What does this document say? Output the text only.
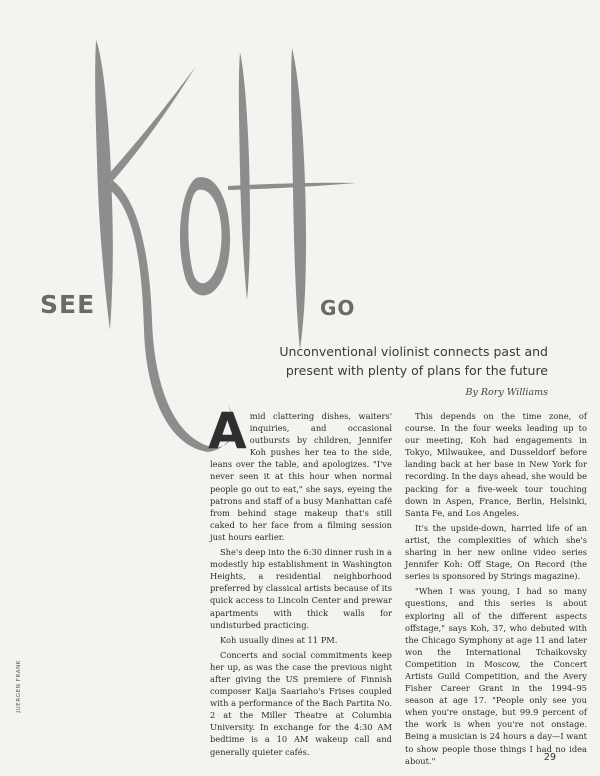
SEE	GO
Unconventional violinist connects past and present with plenty of plans for the future
By Rory Williams

Amid clattering dishes, waiters' inquiries, and occasional outbursts by children, Jennifer Koh pushes her tea to the side, leans over the table, and apologizes. "I've never seen it at this hour when normal people go out to eat," she says, eyeing the patrons and staff of a busy Manhattan café from behind stage makeup that's still caked to her face from a filming session just hours earlier.

She's deep into the 6:30 dinner rush in a modestly hip establishment in Washington Heights, a residential neighborhood preferred by classical artists because of its quick access to Lincoln Center and prewar apartments with thick walls for undisturbed practicing.

Koh usually dines at 11 PM.

Concerts and social commitments keep her up, as was the case the previous night after giving the US premiere of Finnish composer Kaija Saariaho's Frises coupled with a performance of the Bach Partita No. 2 at the Miller Theatre at Columbia University. In exchange for the 4:30 AM bedtime is a 10 AM wakeup call and generally quieter cafés.

This depends on the time zone, of course. In the four weeks leading up to our meeting, Koh had engagements in Tokyo, Milwaukee, and Dusseldorf before landing back at her base in New York for recording. In the days ahead, she would be packing for a five-week tour touching down in Aspen, France, Berlin, Helsinki, Santa Fe, and Los Angeles.

It's the upside-down, harried life of an artist, the complexities of which she's sharing in her new online video series Jennifer Koh: Off Stage, On Record (the series is sponsored by Strings magazine).

"When I was young, I had so many questions, and this series is about exploring all of the different aspects offstage," says Koh, 37, who debuted with the Chicago Symphony at age 11 and later won the International Tchaikovsky Competition in Moscow, the Concert Artists Guild Competition, and the Avery Fisher Career Grant in the 1994–95 season at age 17. "People only see you when you're onstage, but 99.9 percent of the work is when you're not onstage. Being a musician is 24 hours a day—I want to show people those things I had no idea about."

JUERGEN FRANK
29
